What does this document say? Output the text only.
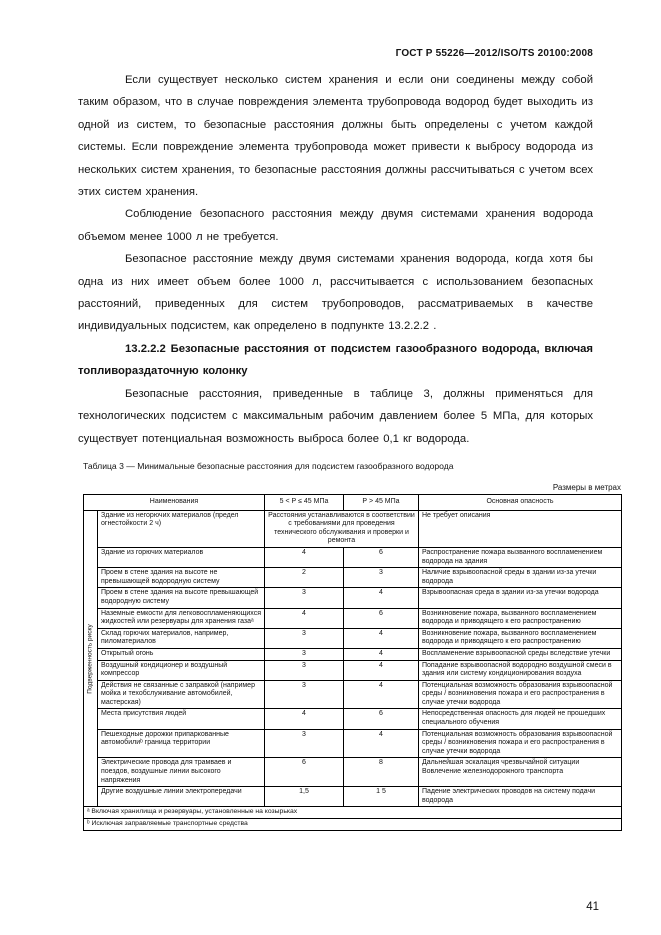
ГОСТ Р 55226—2012/ISO/TS 20100:2008

Если существует несколько систем хранения и если они соединены между собой таким образом, что в случае повреждения элемента трубопровода водород будет выходить из одной из систем, то безопасные расстояния должны быть определены с учетом каждой системы. Если повреждение элемента трубопровода может привести к выбросу водорода из нескольких систем хранения, то безопасные расстояния должны рассчитываться с учетом всех этих систем хранения.

Соблюдение безопасного расстояния между двумя системами хранения водорода объемом менее 1000 л не требуется.

Безопасное расстояние между двумя системами хранения водорода, когда хотя бы одна из них имеет объем более 1000 л, рассчитывается с использованием безопасных расстояний, приведенных для систем трубопроводов, рассматриваемых в качестве индивидуальных подсистем, как определено в подпункте 13.2.2.2 .

13.2.2.2 Безопасные расстояния от подсистем газообразного водорода, включая топливораздаточную колонку

Безопасные расстояния, приведенные в таблице 3, должны применяться для технологических подсистем с максимальным рабочим давлением более 5 МПа, для которых существует потенциальная возможность выброса более 0,1 кг водорода.

Таблица 3 — Минимальные безопасные расстояния для подсистем газообразного водорода

Размеры в метрах

Наименования		5 < Р ≤ 45 МПа	Р > 45 МПа	Основная опасность

Подверженность риску	Здание из негорючих материалов (предел огнестойкости 2 ч)	Расстояния устанавливаются в соответствии с требованиями для проведения технического обслуживания и проверки и ремонта		Не требует описания
	Здание из горючих материалов	4	6	Распространение пожара вызванного воспламенением водорода на здания
	Проем в стене здания на высоте не превышающей водородную систему	2	3	Наличие взрывоопасной среды в здании из-за утечки водорода
	Проем в стене здания на высоте превышающей водородную систему	3	4	Взрывоопасная среда в здании из-за утечки водорода
	Наземные емкости для легковоспламеняющихся жидкостей или резервуары для хранения газаᵃ	4	6	Возникновение пожара, вызванного воспламенением водорода и приводящего к его распространению
	Склад горючих материалов, например, пиломатериалов	3	4	Возникновение пожара, вызванного воспламенением водорода и приводящего к его распространению
	Открытый огонь	3	4	Воспламенение взрывоопасной среды вследствие утечки
	Воздушный кондиционер и воздушный компрессор	3	4	Попадание взрывоопасной водородно воздушной смеси в здания или систему кондиционирования воздуха
	Действия не связанные с заправкой (например мойка и техобслуживание автомобилей, мастерская)	3	4	Потенциальная возможность образования взрывоопасной среды / возникновения пожара и его распространения в случае утечки водорода
	Места присутствия людей	4	6	Непосредственная опасность для людей не прошедших специального обучения
	Пешеходные дорожки припаркованные автомобилиᵇ граница территории	3	4	Потенциальная возможность образования взрывоопасной среды / возникновения пожара и его распространения в случае утечки водорода
	Электрические провода для трамваев и поездов, воздушные линии высокого напряжения	6	8	Дальнейшая эскалация чрезвычайной ситуации Вовлечение железнодорожного транспорта
	Другие воздушные линии электропередачи	1,5	1 5	Падение электрических проводов на систему подачи водорода
ᵃ Включая хранилища и резервуары, установленные на козырьках				
ᵇ Исключая заправляемые транспортные средства				
41
